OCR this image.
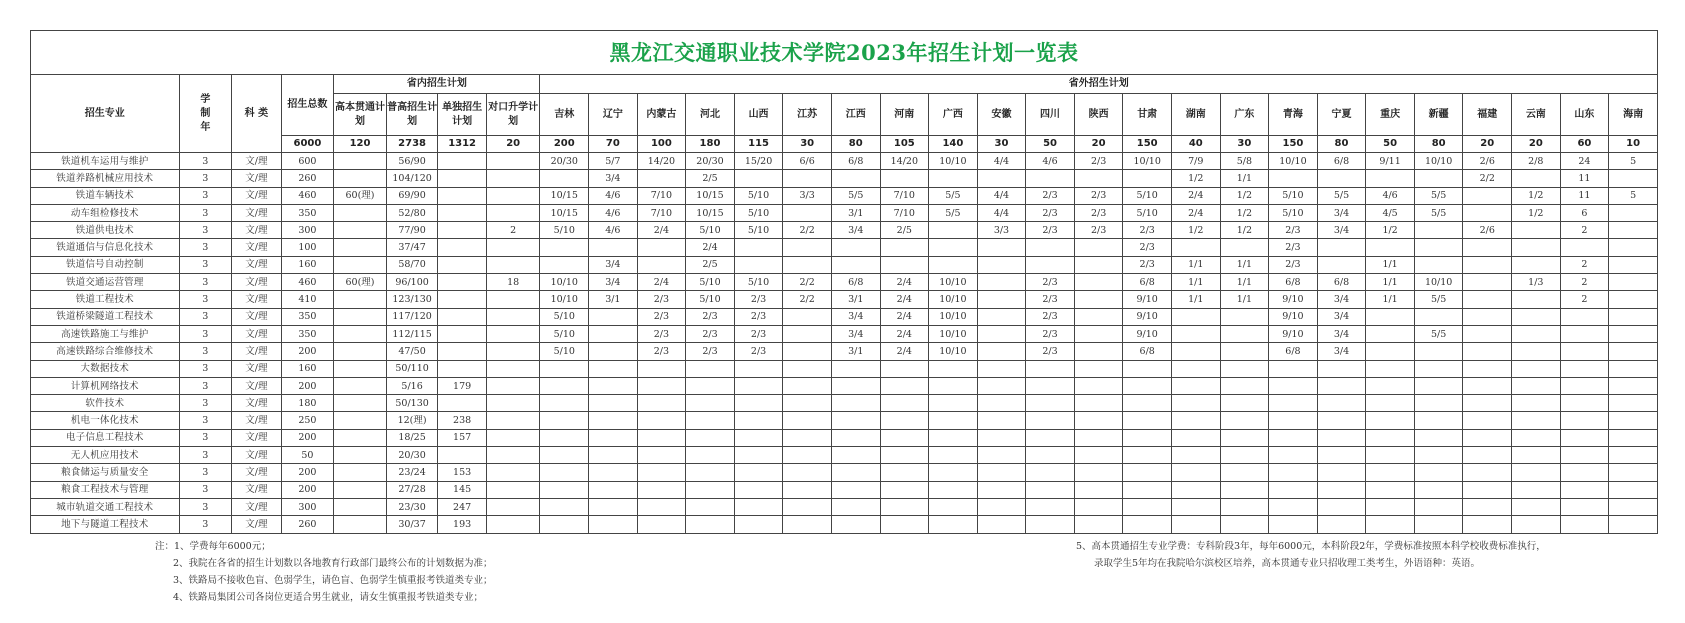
黑龙江交通职业技术学院2023年招生计划一览表																														
招生专业	学制年	科 类	招生总数	省内招生计划				省外招生计划																						
				高本贯通计划	普高招生计划	单独招生计划	对口升学计划	吉林	辽宁	内蒙古	河北	山西	江苏	江西	河南	广西	安徽	四川	陕西	甘肃	湖南	广东	青海	宁夏	重庆	新疆	福建	云南	山东	海南
			6000	120	2738	1312	20	200	70	100	180	115	30	80	105	140	30	50	20	150	40	30	150	80	50	80	20	20	60	10
铁道机车运用与维护	3	文/理	600		56/90			20/30	5/7	14/20	20/30	15/20	6/6	6/8	14/20	10/10	4/4	4/6	2/3	10/10	7/9	5/8	10/10	6/8	9/11	10/10	2/6	2/8	24	5
铁道养路机械应用技术	3	文/理	260		104/120				3/4		2/5										1/2	1/1					2/2		11	
铁道车辆技术	3	文/理	460	60(理)	69/90			10/15	4/6	7/10	10/15	5/10	3/3	5/5	7/10	5/5	4/4	2/3	2/3	5/10	2/4	1/2	5/10	5/5	4/6	5/5		1/2	11	5
动车组检修技术	3	文/理	350		52/80			10/15	4/6	7/10	10/15	5/10		3/1	7/10	5/5	4/4	2/3	2/3	5/10	2/4	1/2	5/10	3/4	4/5	5/5		1/2	6	
铁道供电技术	3	文/理	300		77/90		2	5/10	4/6	2/4	5/10	5/10	2/2	3/4	2/5		3/3	2/3	2/3	2/3	1/2	1/2	2/3	3/4	1/2		2/6		2	
铁道通信与信息化技术	3	文/理	100		37/47						2/4									2/3			2/3							
铁道信号自动控制	3	文/理	160		58/70				3/4		2/5									2/3	1/1	1/1	2/3		1/1				2	
铁道交通运营管理	3	文/理	460	60(理)	96/100		18	10/10	3/4	2/4	5/10	5/10	2/2	6/8	2/4	10/10		2/3		6/8	1/1	1/1	6/8	6/8	1/1	10/10		1/3	2	
铁道工程技术	3	文/理	410		123/130			10/10	3/1	2/3	5/10	2/3	2/2	3/1	2/4	10/10		2/3		9/10	1/1	1/1	9/10	3/4	1/1	5/5			2	
铁道桥梁隧道工程技术	3	文/理	350		117/120			5/10		2/3	2/3	2/3		3/4	2/4	10/10		2/3		9/10			9/10	3/4						
高速铁路施工与维护	3	文/理	350		112/115			5/10		2/3	2/3	2/3		3/4	2/4	10/10		2/3		9/10			9/10	3/4		5/5				
高速铁路综合维修技术	3	文/理	200		47/50			5/10		2/3	2/3	2/3		3/1	2/4	10/10		2/3		6/8			6/8	3/4						
大数据技术	3	文/理	160		50/110																									
计算机网络技术	3	文/理	200		5/16	179																								
软件技术	3	文/理	180		50/130																									
机电一体化技术	3	文/理	250		12(理)	238																								
电子信息工程技术	3	文/理	200		18/25	157																								
无人机应用技术	3	文/理	50		20/30																									
粮食储运与质量安全	3	文/理	200		23/24	153																								
粮食工程技术与管理	3	文/理	200		27/28	145																								
城市轨道交通工程技术	3	文/理	300		23/30	247																								
地下与隧道工程技术	3	文/理	260		30/37	193																								
注：1、学费每年6000元；
2、我院在各省的招生计划数以各地教育行政部门最终公布的计划数据为准；
3、铁路局不接收色盲、色弱学生，请色盲、色弱学生慎重报考铁道类专业；
4、铁路局集团公司各岗位更适合男生就业，请女生慎重报考铁道类专业；
5、高本贯通招生专业学费：专科阶段3年，每年6000元，本科阶段2年，学费标准按照本科学校收费标准执行，
录取学生5年均在我院哈尔滨校区培养，高本贯通专业只招收理工类考生，外语语种：英语。
